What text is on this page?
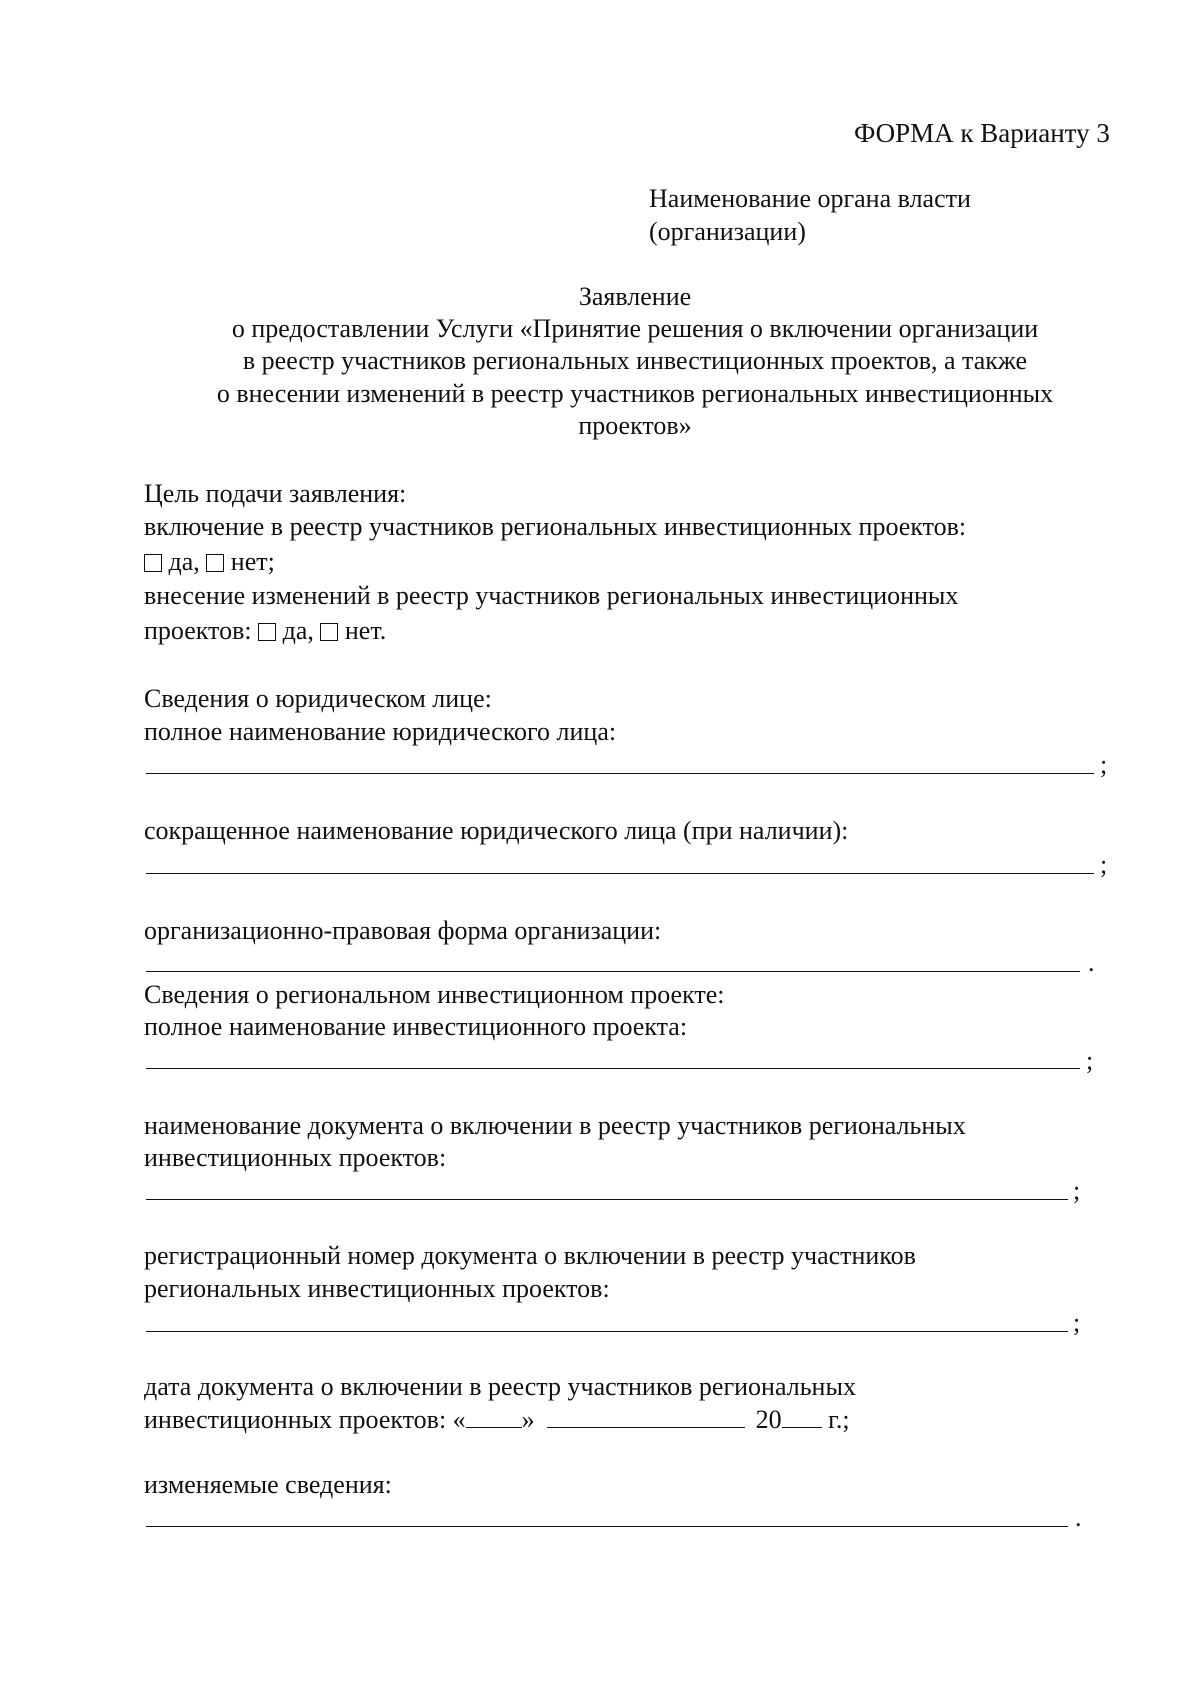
ФОРМА к Варианту 3
Наименование органа власти
(организации)
Заявление
о предоставлении Услуги «Принятие решения о включении организации
в реестр участников региональных инвестиционных проектов, а также
о внесении изменений в реестр участников региональных инвестиционных
проектов»
Цель подачи заявления:
включение в реестр участников региональных инвестиционных проектов:
да, нет;
внесение изменений в реестр участников региональных инвестиционных
проектов: да, нет.
Сведения о юридическом лице:
полное наименование юридического лица:
;
сокращенное наименование юридического лица (при наличии):
;
организационно-правовая форма организации:
.
Сведения о региональном инвестиционном проекте:
полное наименование инвестиционного проекта:
;
наименование документа о включении в реестр участников региональных
инвестиционных проектов:
;
регистрационный номер документа о включении в реестр участников
региональных инвестиционных проектов:
;
дата документа о включении в реестр участников региональных
инвестиционных проектов: « »	20 г.;
изменяемые сведения:
.
